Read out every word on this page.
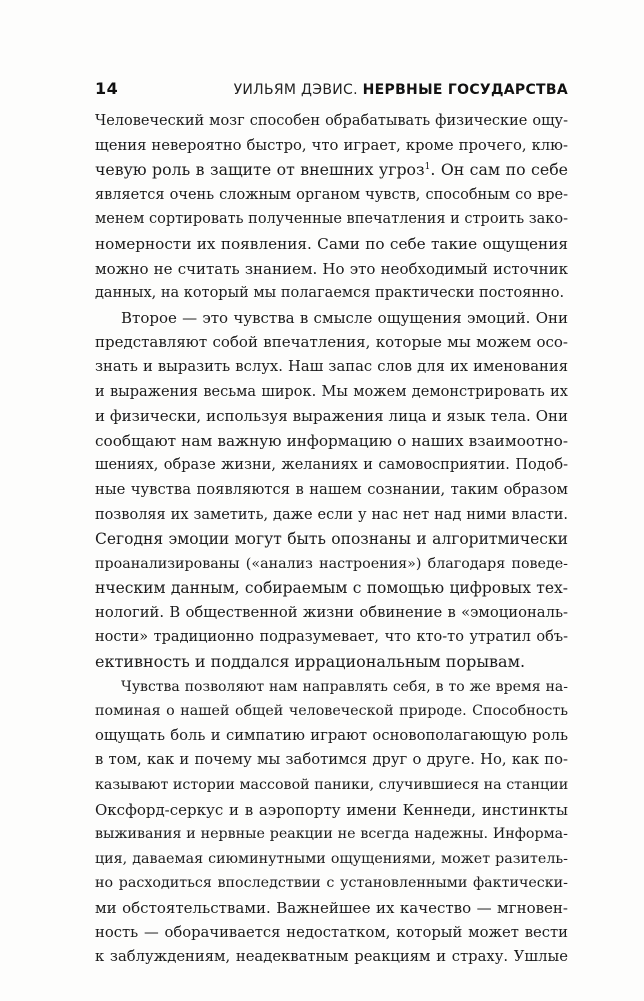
14	УИЛЬЯМ ДЭВИС. НЕРВНЫЕ ГОСУДАРСТВА
Человеческий мозг способен обрабатывать физические ощу-
щения невероятно быстро, что играет, кроме прочего, клю-
чевую роль в защите от внешних угроз$^1$. Он сам по себе
является очень сложным органом чувств, способным со вре-
менем сортировать полученные впечатления и строить зако-
номерности их появления. Сами по себе такие ощущения
можно не считать знанием. Но это необходимый источник
данных, на который мы полагаемся практически постоянно.
Второе — это чувства в смысле ощущения эмоций. Они
представляют собой впечатления, которые мы можем осо-
знать и выразить вслух. Наш запас слов для их именования
и выражения весьма широк. Мы можем демонстрировать их
и физически, используя выражения лица и язык тела. Они
сообщают нам важную информацию о наших взаимоотно-
шениях, образе жизни, желаниях и самовосприятии. Подоб-
ные чувства появляются в нашем сознании, таким образом
позволяя их заметить, даже если у нас нет над ними власти.
Сегодня эмоции могут быть опознаны и алгоритмически
проанализированы («анализ настроения») благодаря поведе-
нческим данным, собираемым с помощью цифровых тех-
нологий. В общественной жизни обвинение в «эмоциональ-
ности» традиционно подразумевает, что кто-то утратил объ-
ективность и поддался иррациональным порывам.
Чувства позволяют нам направлять себя, в то же время на-
поминая о нашей общей человеческой природе. Способность
ощущать боль и симпатию играют основополагающую роль
в том, как и почему мы заботимся друг о друге. Но, как по-
казывают истории массовой паники, случившиеся на станции
Оксфорд-серкус и в аэропорту имени Кеннеди, инстинкты
выживания и нервные реакции не всегда надежны. Информа-
ция, даваемая сиюминутными ощущениями, может разитель-
но расходиться впоследствии с установленными фактически-
ми обстоятельствами. Важнейшее их качество — мгновен-
ность — оборачивается недостатком, который может вести
к заблуждениям, неадекватным реакциям и страху. Ушлые
